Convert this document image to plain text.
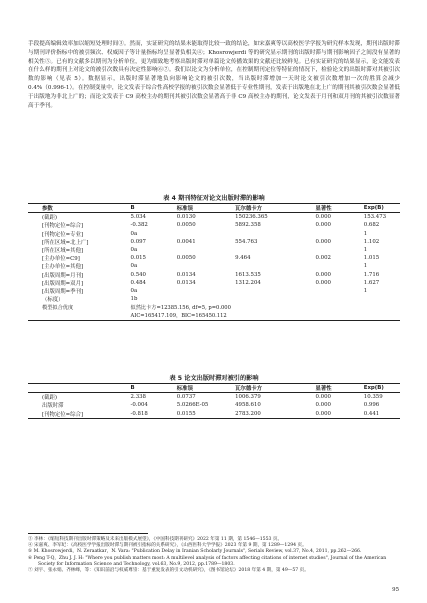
手段提高编辑效率加以缩短处理时间③。然而，实证研究的结果未能取得比较一致的结论，如宋嘉爽等以高校医学学报为研究样本发现，期刊出版时滞与期刊评价指标中的被引频次、权威因子等计量指标均呈显著负相关④；Khosrowjerdi 等的研究显示期刊的出版时滞与期刊影响因子之间没有显著的相关性⑤。已有的文献多以期刊为分析单位，更为细致地考察出版时滞对单篇论文传播效果的文献还比较鲜见。已有实证研究的结果显示，论文能发表在什么样的期刊上对论文的被引次数具有决定性影响⑥⑦。我们以论文为分析单位，在控制期刊定位等特征的情况下，检验论文的出版时滞对其被引次数的影响（见表 5）。数据显示，出版时滞显著地负向影响论文的被引次数，当出版时滞增加一天时论文被引次数增加一次的胜算会减少 0.4%（0.996-1）。在控制变量中，论文发表于综合性高校学报的被引次数会显著低于专业性期刊，发表于出版地在北上广的期刊其被引次数会显著低于出版地为非北上广的；而论文发表于 C9 高校主办的期刊其被引次数会显著高于非 C9 高校主办的期刊，论文发表于月刊和双月刊的其被引次数显著高于季刊。

表 4 期刊特征对论文出版时滞的影响
参数	B	标准误	瓦尔德卡方	显著性	Exp(B)
(截距)	5.034	0.0130	150236.365	0.000	153.473
[刊物定位=综合]	-0.382	0.0050	5892.358	0.000	0.682
[刊物定位=专业]	0a				1
[所在区域=北上广]	0.097	0.0041	554.763	0.000	1.102
[所在区域=其他]	0a				1
[主办单位=C9]	0.015	0.0050	9.464	0.002	1.015
[主办单位=其他]	0a				1
[出版周期=月刊]	0.540	0.0134	1613.535	0.000	1.716
[出版周期=双月]	0.484	0.0134	1312.204	0.000	1.627
[出版周期=季刊]	0a				1
（标度）	1b				
模型拟合优度	似然比卡方=12385.156, df=5, p=0.000				
	AIC=165417.109，BIC=165450.112				
表 5 论文出版时滞对被引的影响
	B	标准误	瓦尔德卡方	显著性	Exp(B)
(截距)	2.338	0.0737	1006.379	0.000	10.359
出版时滞	-0.004	5.0266E-05	4958.610	0.000	0.996
[刊物定位=综合]	-0.818	0.0155	2783.200	0.000	0.441
③ 李林：《缩短科技期刊出版时滞策略及未来出版模式展望》，《中国科技期刊研究》2022 年第 11 期，第 1546—1553 页。
④ 宋嘉爽、李军纪：《高校医学学报出版时滞与期刊被引指标的关系研究》，《山西医科大学学报》2023 年第 9 期，第 1289—1294 页。
⑤ M. Khosrowjerdi，N. Zeraatkar，N. Vara: "Publication Delay in Iranian Scholarly Journals", Serials Review, vol.37, No.4, 2011, pp.262—266.
⑥ Peng T-Q，Zhu J. J. H: "Where you publish matters most: A multilevel analysis of factors affecting citations of internet studies", Journal of the American Society for Information Science and Technology, vol.63, No.9, 2012, pp.1789—1803.
⑦ 刘宇、张永娟、齐林峰，等：《知识前沿与权威尊崇：基于重复发表的引文动机研究》，《图书馆论坛》2018 年第 4 期，第 49—57 页。
95
